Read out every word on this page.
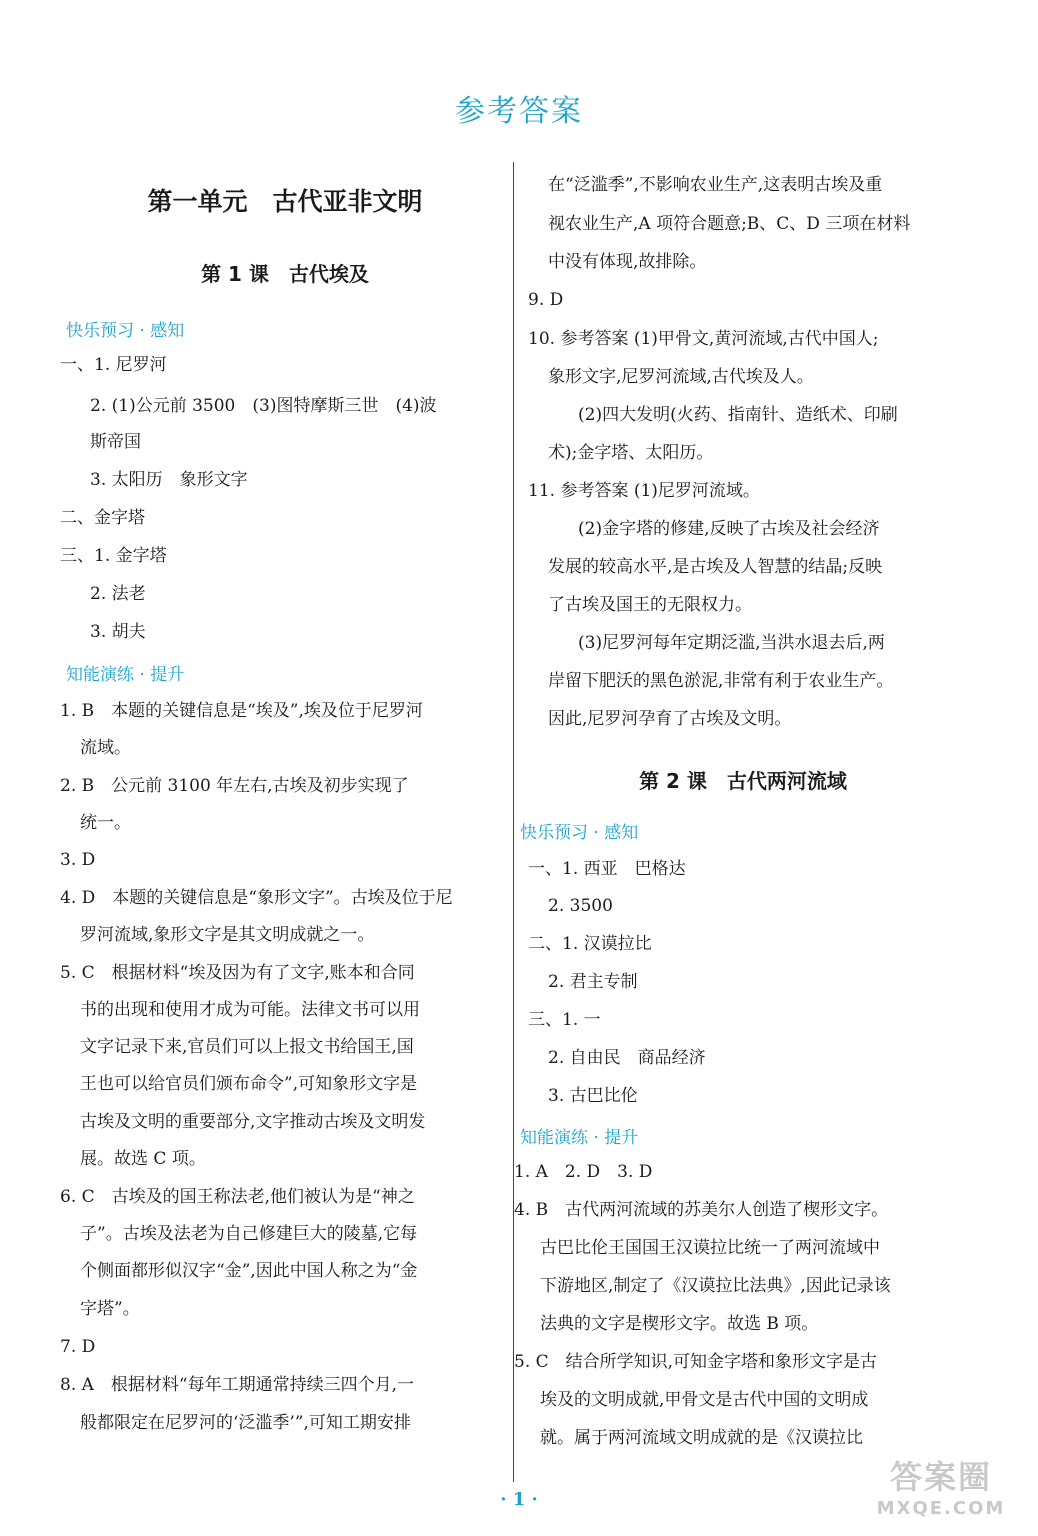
参考答案
第一单元　古代亚非文明
第 1 课　古代埃及
快乐预习 · 感知
一、1. 尼罗河
2. (1)公元前 3500　(3)图特摩斯三世　(4)波
斯帝国
3. 太阳历　象形文字
二、金字塔
三、1. 金字塔
2. 法老
3. 胡夫
知能演练 · 提升
1. B　本题的关键信息是“埃及”,埃及位于尼罗河
流域。
2. B　公元前 3100 年左右,古埃及初步实现了
统一。
3. D
4. D　本题的关键信息是“象形文字”。古埃及位于尼
罗河流域,象形文字是其文明成就之一。
5. C　根据材料“埃及因为有了文字,账本和合同
书的出现和使用才成为可能。法律文书可以用
文字记录下来,官员们可以上报文书给国王,国
王也可以给官员们颁布命令”,可知象形文字是
古埃及文明的重要部分,文字推动古埃及文明发
展。故选 C 项。
6. C　古埃及的国王称法老,他们被认为是“神之
子”。古埃及法老为自己修建巨大的陵墓,它每
个侧面都形似汉字“金”,因此中国人称之为“金
字塔”。
7. D
8. A　根据材料“每年工期通常持续三四个月,一
般都限定在尼罗河的‘泛滥季’”,可知工期安排
在“泛滥季”,不影响农业生产,这表明古埃及重
视农业生产,A 项符合题意;B、C、D 三项在材料
中没有体现,故排除。
9. D
10. 参考答案 (1)甲骨文,黄河流域,古代中国人;
象形文字,尼罗河流域,古代埃及人。
(2)四大发明(火药、指南针、造纸术、印刷
术);金字塔、太阳历。
11. 参考答案 (1)尼罗河流域。
(2)金字塔的修建,反映了古埃及社会经济
发展的较高水平,是古埃及人智慧的结晶;反映
了古埃及国王的无限权力。
(3)尼罗河每年定期泛滥,当洪水退去后,两
岸留下肥沃的黑色淤泥,非常有利于农业生产。
因此,尼罗河孕育了古埃及文明。
第 2 课　古代两河流域
快乐预习 · 感知
一、1. 西亚　巴格达
2. 3500
二、1. 汉谟拉比
2. 君主专制
三、1. 一
2. 自由民　商品经济
3. 古巴比伦
知能演练 · 提升
1. A　2. D　3. D
4. B　古代两河流域的苏美尔人创造了楔形文字。
古巴比伦王国国王汉谟拉比统一了两河流域中
下游地区,制定了《汉谟拉比法典》,因此记录该
法典的文字是楔形文字。故选 B 项。
5. C　结合所学知识,可知金字塔和象形文字是古
埃及的文明成就,甲骨文是古代中国的文明成
就。属于两河流域文明成就的是《汉谟拉比
· 1 ·
答案圈
MXQE.COM
